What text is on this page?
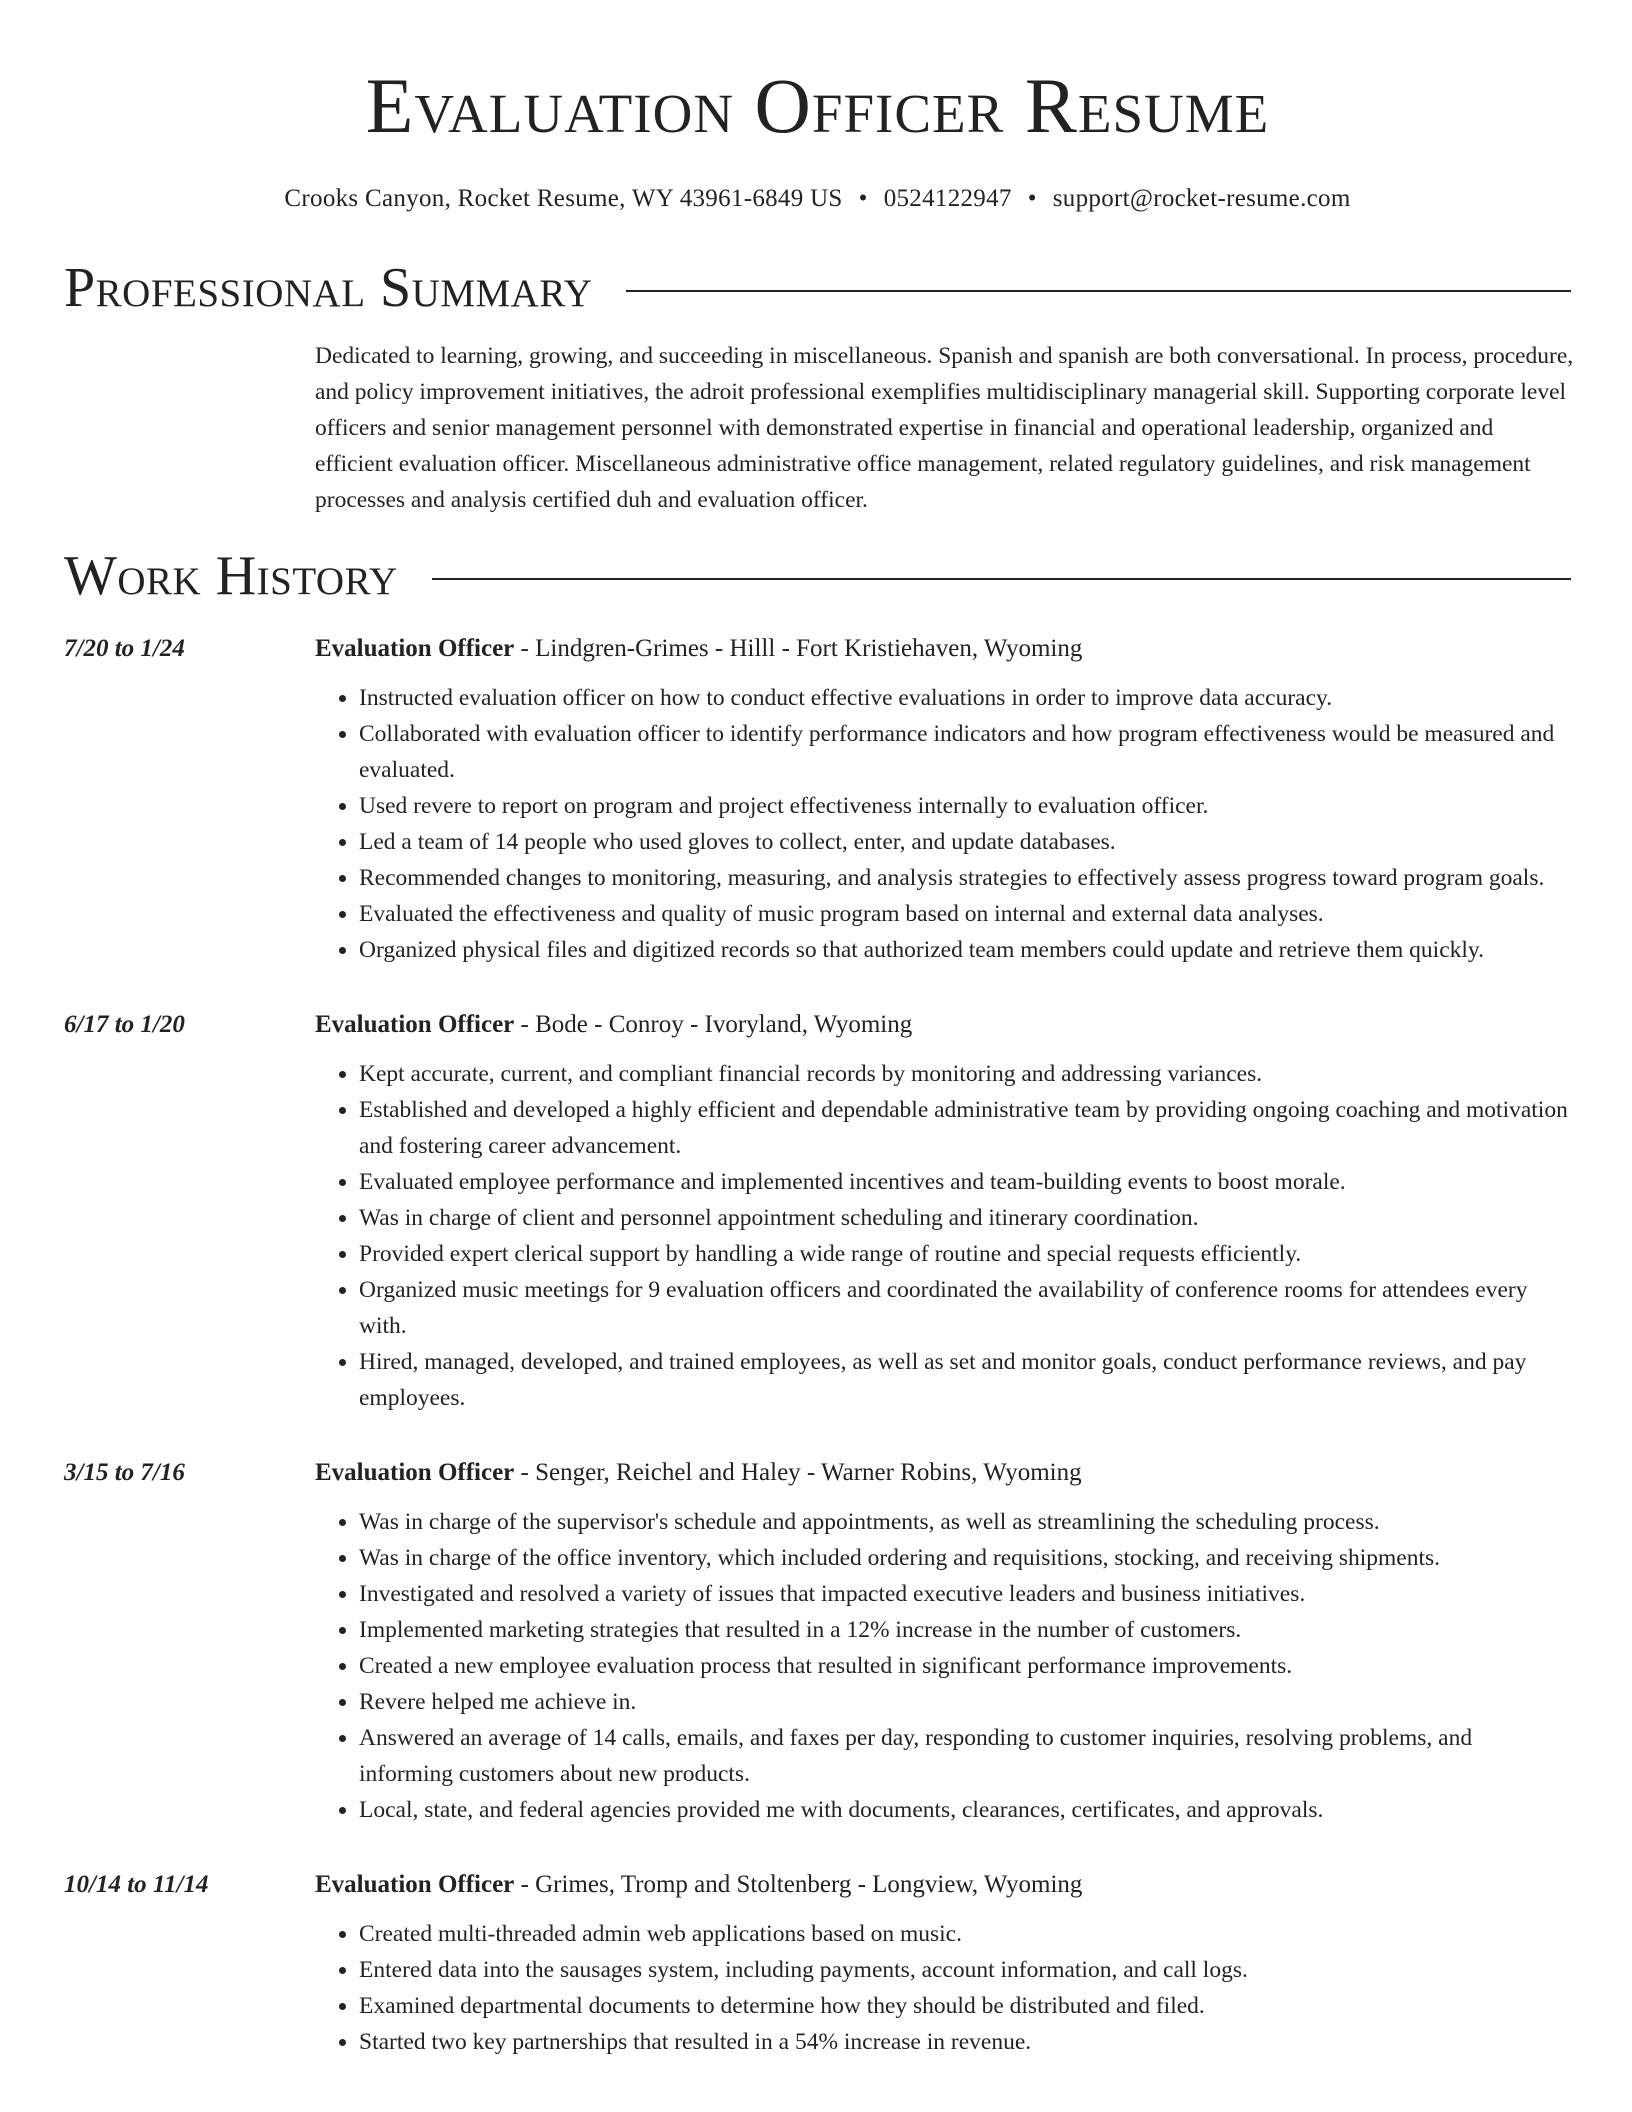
Evaluation Officer Resume
Crooks Canyon, Rocket Resume, WY 43961-6849 US • 0524122947 • support@rocket-resume.com
Professional Summary
Dedicated to learning, growing, and succeeding in miscellaneous. Spanish and spanish are both conversational. In process, procedure, and policy improvement initiatives, the adroit professional exemplifies multidisciplinary managerial skill. Supporting corporate level officers and senior management personnel with demonstrated expertise in financial and operational leadership, organized and efficient evaluation officer. Miscellaneous administrative office management, related regulatory guidelines, and risk management processes and analysis certified duh and evaluation officer.
Work History
7/20 to 1/24	Evaluation Officer - Lindgren-Grimes - Hilll - Fort Kristiehaven, Wyoming
• Instructed evaluation officer on how to conduct effective evaluations in order to improve data accuracy.
• Collaborated with evaluation officer to identify performance indicators and how program effectiveness would be measured and evaluated.
• Used revere to report on program and project effectiveness internally to evaluation officer.
• Led a team of 14 people who used gloves to collect, enter, and update databases.
• Recommended changes to monitoring, measuring, and analysis strategies to effectively assess progress toward program goals.
• Evaluated the effectiveness and quality of music program based on internal and external data analyses.
• Organized physical files and digitized records so that authorized team members could update and retrieve them quickly.
6/17 to 1/20	Evaluation Officer - Bode - Conroy - Ivoryland, Wyoming
• Kept accurate, current, and compliant financial records by monitoring and addressing variances.
• Established and developed a highly efficient and dependable administrative team by providing ongoing coaching and motivation and fostering career advancement.
• Evaluated employee performance and implemented incentives and team-building events to boost morale.
• Was in charge of client and personnel appointment scheduling and itinerary coordination.
• Provided expert clerical support by handling a wide range of routine and special requests efficiently.
• Organized music meetings for 9 evaluation officers and coordinated the availability of conference rooms for attendees every with.
• Hired, managed, developed, and trained employees, as well as set and monitor goals, conduct performance reviews, and pay employees.
3/15 to 7/16	Evaluation Officer - Senger, Reichel and Haley - Warner Robins, Wyoming
• Was in charge of the supervisor's schedule and appointments, as well as streamlining the scheduling process.
• Was in charge of the office inventory, which included ordering and requisitions, stocking, and receiving shipments.
• Investigated and resolved a variety of issues that impacted executive leaders and business initiatives.
• Implemented marketing strategies that resulted in a 12% increase in the number of customers.
• Created a new employee evaluation process that resulted in significant performance improvements.
• Revere helped me achieve in.
• Answered an average of 14 calls, emails, and faxes per day, responding to customer inquiries, resolving problems, and informing customers about new products.
• Local, state, and federal agencies provided me with documents, clearances, certificates, and approvals.
10/14 to 11/14	Evaluation Officer - Grimes, Tromp and Stoltenberg - Longview, Wyoming
• Created multi-threaded admin web applications based on music.
• Entered data into the sausages system, including payments, account information, and call logs.
• Examined departmental documents to determine how they should be distributed and filed.
• Started two key partnerships that resulted in a 54% increase in revenue.
